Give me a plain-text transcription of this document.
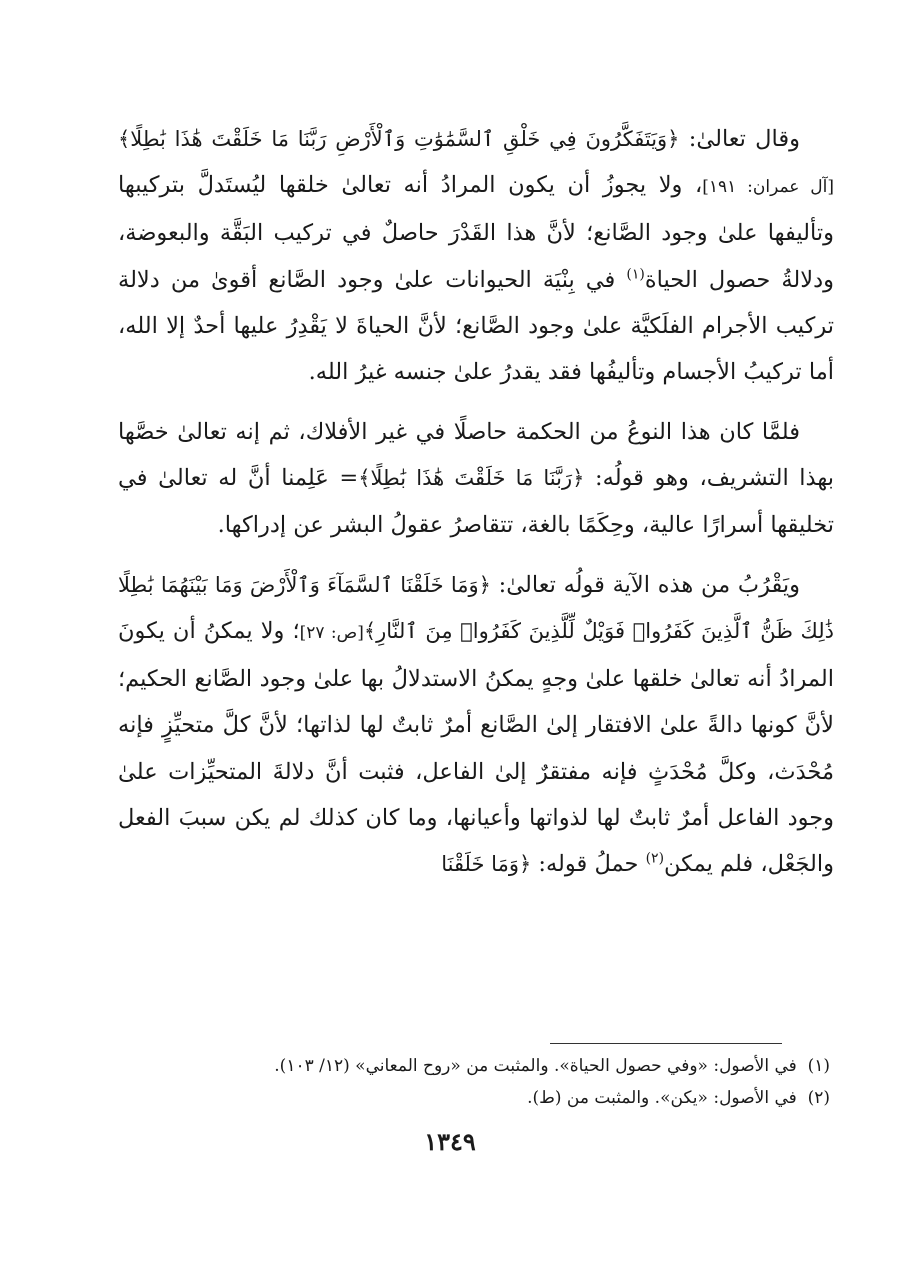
وقال تعالىٰ: ﴿وَيَتَفَكَّرُونَ فِي خَلْقِ ٱلسَّمَٰوَٰتِ وَٱلْأَرْضِ رَبَّنَا مَا خَلَقْتَ هَٰذَا بَٰطِلًا﴾[آل عمران: ١٩١]، ولا يجوزُ أن يكون المرادُ أنه تعالىٰ خلقها ليُستَدلَّ بتركيبها وتأليفها علىٰ وجود الصَّانع؛ لأنَّ هذا القَدْرَ حاصلٌ في تركيب البَقَّة والبعوضة، ودلالةُ حصول الحياة$^{(١)}$ في بِنْيَة الحيوانات علىٰ وجود الصَّانع أقوىٰ من دلالة تركيب الأجرام الفلَكيَّة علىٰ وجود الصَّانع؛ لأنَّ الحياةَ لا يَقْدِرُ عليها أحدٌ إلا الله، أما تركيبُ الأجسام وتأليفُها فقد يقدرُ علىٰ جنسه غيرُ الله.

فلمَّا كان هذا النوعُ من الحكمة حاصلًا في غير الأفلاك، ثم إنه تعالىٰ خصَّها بهذا التشريف، وهو قولُه: ﴿رَبَّنَا مَا خَلَقْتَ هَٰذَا بَٰطِلًا﴾= عَلِمنا أنَّ له تعالىٰ في تخليقها أسرارًا عالية، وحِكَمًا بالغة، تتقاصرُ عقولُ البشر عن إدراكها.

ويَقْرُبُ من هذه الآية قولُه تعالىٰ: ﴿وَمَا خَلَقْنَا ٱلسَّمَآءَ وَٱلْأَرْضَ وَمَا بَيْنَهُمَا بَٰطِلًا ذَٰلِكَ ظَنُّ ٱلَّذِينَ كَفَرُوا۟ فَوَيْلٌ لِّلَّذِينَ كَفَرُوا۟ مِنَ ٱلنَّارِ﴾[ص: ٢٧]؛ ولا يمكنُ أن يكونَ المرادُ أنه تعالىٰ خلقها علىٰ وجهٍ يمكنُ الاستدلالُ بها علىٰ وجود الصَّانع الحكيم؛ لأنَّ كونها دالةً علىٰ الافتقار إلىٰ الصَّانع أمرٌ ثابتٌ لها لذاتها؛ لأنَّ كلَّ متحيِّزٍ فإنه مُحْدَث، وكلَّ مُحْدَثٍ فإنه مفتقرٌ إلىٰ الفاعل، فثبت أنَّ دلالةَ المتحيِّزات علىٰ وجود الفاعل أمرٌ ثابتٌ لها لذواتها وأعيانها، وما كان كذلك لم يكن سببَ الفعل والجَعْل، فلم يمكن$^{(٢)}$ حملُ قوله: ﴿وَمَا خَلَقْنَا

(١)  في الأصول: «وفي حصول الحياة». والمثبت من «روح المعاني» (١٢/ ١٠٣).

(٢)  في الأصول: «يكن». والمثبت من (ط).

١٣٤٩
